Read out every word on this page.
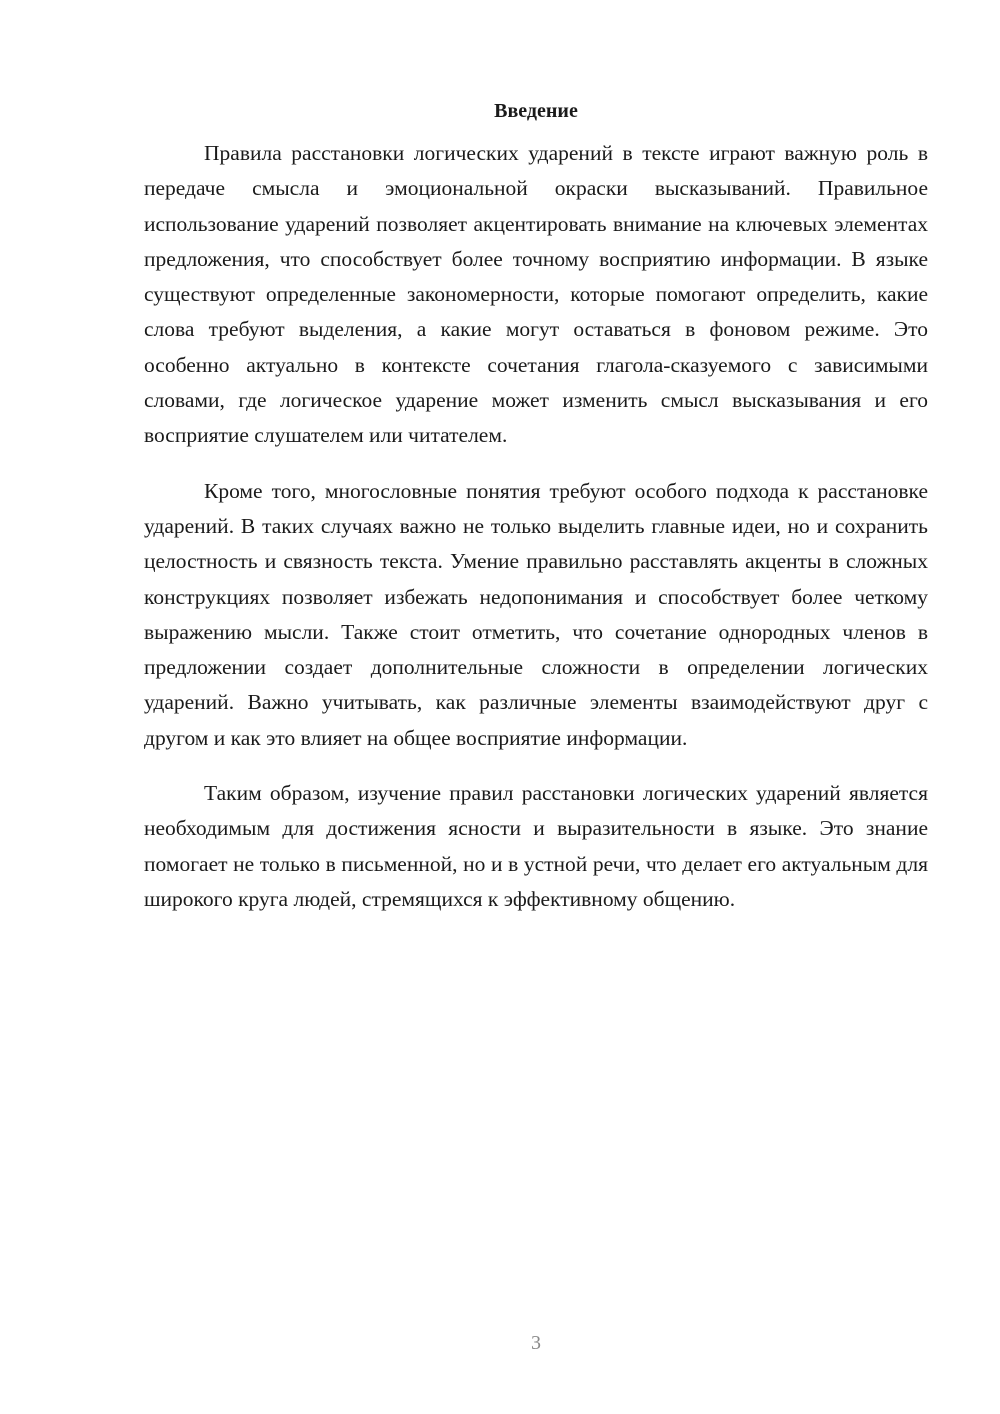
Введение

Правила расстановки логических ударений в тексте играют важную роль в передаче смысла и эмоциональной окраски высказываний. Правильное использование ударений позволяет акцентировать внимание на ключевых элементах предложения, что способствует более точному восприятию информации. В языке существуют определенные закономерности, которые помогают определить, какие слова требуют выделения, а какие могут оставаться в фоновом режиме. Это особенно актуально в контексте сочетания глагола-сказуемого с зависимыми словами, где логическое ударение может изменить смысл высказывания и его восприятие слушателем или читателем.

Кроме того, многословные понятия требуют особого подхода к расстановке ударений. В таких случаях важно не только выделить главные идеи, но и сохранить целостность и связность текста. Умение правильно расставлять акценты в сложных конструкциях позволяет избежать недопонимания и способствует более четкому выражению мысли. Также стоит отметить, что сочетание однородных членов в предложении создает дополнительные сложности в определении логических ударений. Важно учитывать, как различные элементы взаимодействуют друг с другом и как это влияет на общее восприятие информации.

Таким образом, изучение правил расстановки логических ударений является необходимым для достижения ясности и выразительности в языке. Это знание помогает не только в письменной, но и в устной речи, что делает его актуальным для широкого круга людей, стремящихся к эффективному общению.

3
